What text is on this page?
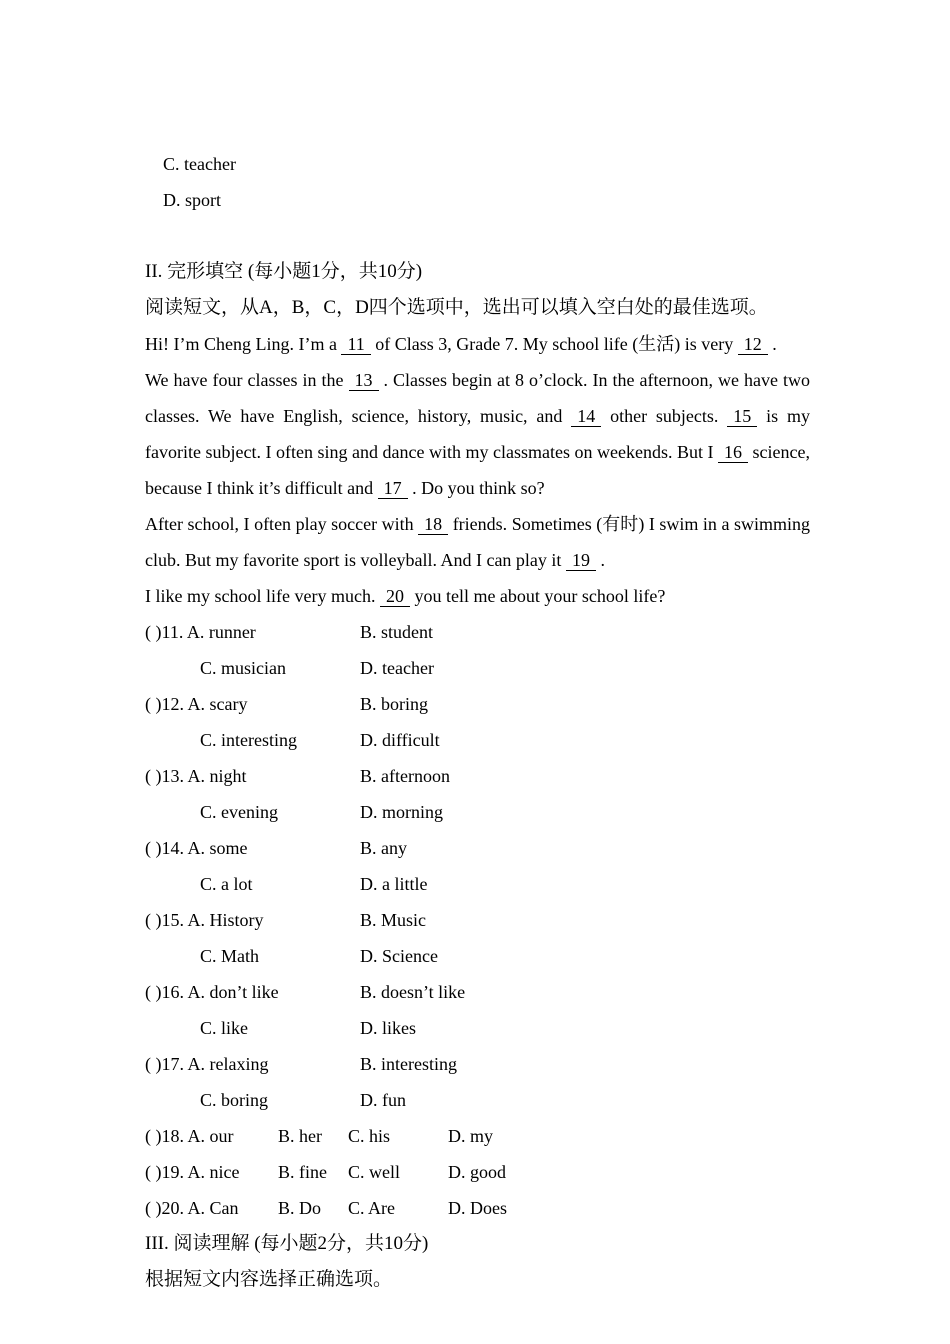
C. teacher
D. sport

II. 完形填空 (每小题1分，共10分)
阅读短文，从A，B，C，D四个选项中，选出可以填入空白处的最佳选项。
Hi! I’m Cheng Ling. I’m a 11 of Class 3, Grade 7. My school life (生活) is very 12 .
We have four classes in the 13 . Classes begin at 8 o’clock. In the afternoon, we have two classes. We have English, science, history, music, and 14 other subjects. 15 is my favorite subject. I often sing and dance with my classmates on weekends. But I 16 science, because I think it’s difficult and 17 . Do you think so?
After school, I often play soccer with 18 friends. Sometimes (有时) I swim in a swimming club. But my favorite sport is volleyball. And I can play it 19 .
I like my school life very much. 20 you tell me about your school life?
( )11. A. runner	B. student
C. musician	D. teacher
( )12. A. scary	B. boring
C. interesting	D. difficult
( )13. A. night	B. afternoon
C. evening	D. morning
( )14. A. some	B. any
C. a lot	D. a little
( )15. A. History	B. Music
C. Math	D. Science
( )16. A. don’t like	B. doesn’t like
C. like	D. likes
( )17. A. relaxing	B. interesting
C. boring	D. fun
( )18. A. our B. her C. his	D. my
( )19. A. nice B. fine C. well	D. good
( )20. A. Can B. Do C. Are	D. Does
III. 阅读理解 (每小题2分，共10分)
根据短文内容选择正确选项。
